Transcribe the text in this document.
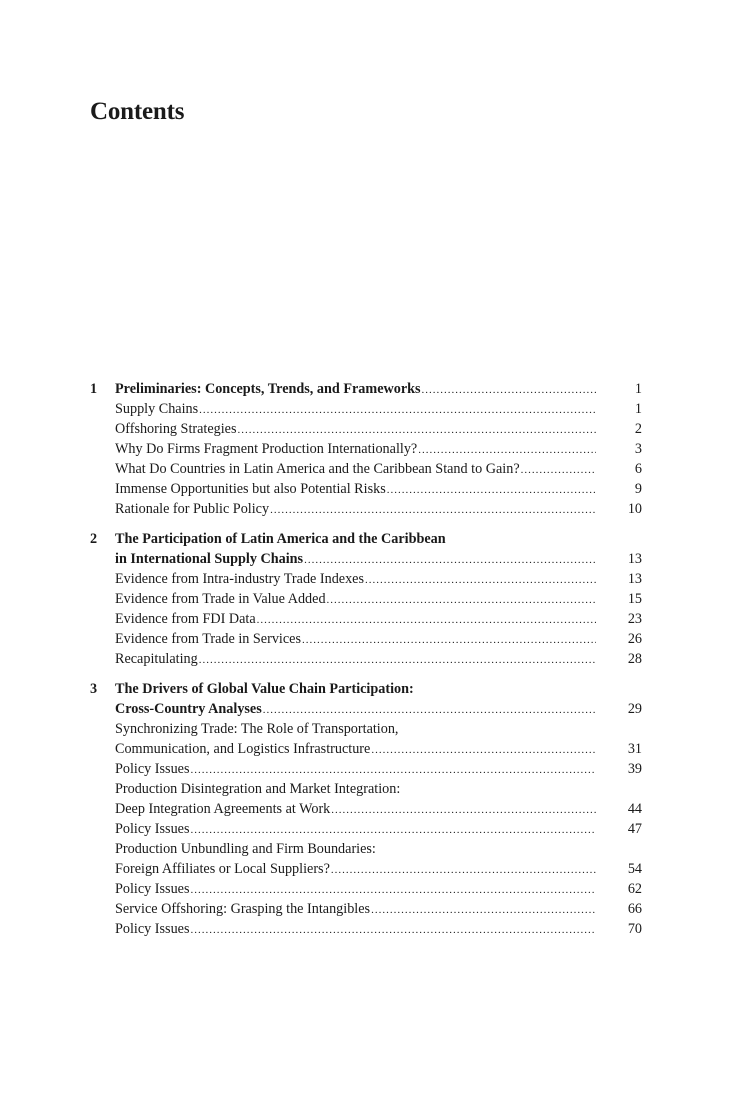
Contents
1	Preliminaries: Concepts, Trends, and Frameworks .....	1
Supply Chains .....	1
Offshoring Strategies .....	2
Why Do Firms Fragment Production Internationally? .....	3
What Do Countries in Latin America and the Caribbean Stand to Gain? .....	6
Immense Opportunities but also Potential Risks .....	9
Rationale for Public Policy .....	10
2	The Participation of Latin America and the Caribbean
in International Supply Chains .....	13
Evidence from Intra-industry Trade Indexes .....	13
Evidence from Trade in Value Added .....	15
Evidence from FDI Data .....	23
Evidence from Trade in Services .....	26
Recapitulating .....	28
3	The Drivers of Global Value Chain Participation:
Cross-Country Analyses .....	29
Synchronizing Trade: The Role of Transportation,
Communication, and Logistics Infrastructure .....	31
Policy Issues .....	39
Production Disintegration and Market Integration:
Deep Integration Agreements at Work .....	44
Policy Issues .....	47
Production Unbundling and Firm Boundaries:
Foreign Affiliates or Local Suppliers? .....	54
Policy Issues .....	62
Service Offshoring: Grasping the Intangibles .....	66
Policy Issues .....	70
